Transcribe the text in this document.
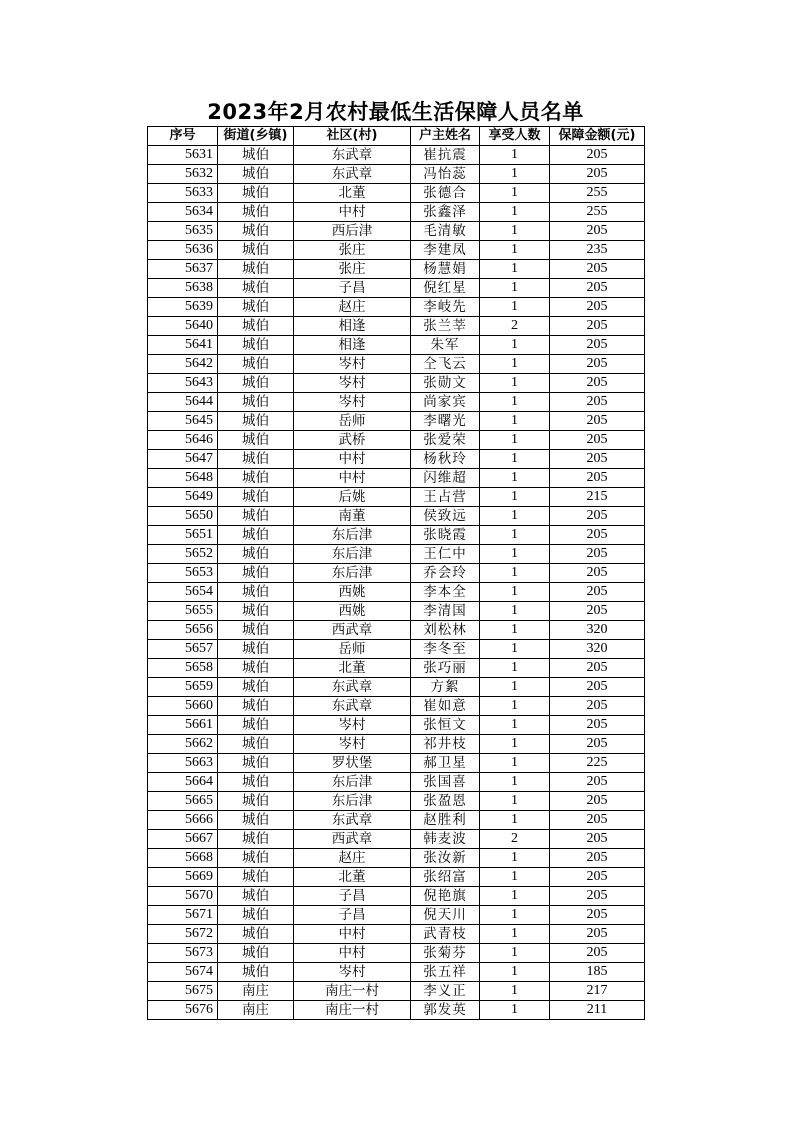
2023年2月农村最低生活保障人员名单
序号	街道(乡镇)	社区(村)	户主姓名	享受人数	保障金额(元)
5631	城伯	东武章	崔抗震	1	205
5632	城伯	东武章	冯怡蕊	1	205
5633	城伯	北董	张德合	1	255
5634	城伯	中村	张鑫泽	1	255
5635	城伯	西后津	毛清敏	1	205
5636	城伯	张庄	李建凤	1	235
5637	城伯	张庄	杨慧娟	1	205
5638	城伯	子昌	倪红星	1	205
5639	城伯	赵庄	李岐先	1	205
5640	城伯	相逢	张兰莘	2	205
5641	城伯	相逢	朱军	1	205
5642	城伯	岑村	仝飞云	1	205
5643	城伯	岑村	张勋文	1	205
5644	城伯	岑村	尚家宾	1	205
5645	城伯	岳师	李曙光	1	205
5646	城伯	武桥	张爱荣	1	205
5647	城伯	中村	杨秋玲	1	205
5648	城伯	中村	闪维超	1	205
5649	城伯	后姚	王占营	1	215
5650	城伯	南董	侯致远	1	205
5651	城伯	东后津	张晓霞	1	205
5652	城伯	东后津	王仁中	1	205
5653	城伯	东后津	乔会玲	1	205
5654	城伯	西姚	李本全	1	205
5655	城伯	西姚	李清国	1	205
5656	城伯	西武章	刘松林	1	320
5657	城伯	岳师	李冬至	1	320
5658	城伯	北董	张巧丽	1	205
5659	城伯	东武章	方絮	1	205
5660	城伯	东武章	崔如意	1	205
5661	城伯	岑村	张恒文	1	205
5662	城伯	岑村	祁井枝	1	205
5663	城伯	罗状堡	郝卫星	1	225
5664	城伯	东后津	张国喜	1	205
5665	城伯	东后津	张盈恩	1	205
5666	城伯	东武章	赵胜利	1	205
5667	城伯	西武章	韩麦波	2	205
5668	城伯	赵庄	张汝新	1	205
5669	城伯	北董	张绍富	1	205
5670	城伯	子昌	倪艳旗	1	205
5671	城伯	子昌	倪天川	1	205
5672	城伯	中村	武青枝	1	205
5673	城伯	中村	张菊芬	1	205
5674	城伯	岑村	张五祥	1	185
5675	南庄	南庄一村	李义正	1	217
5676	南庄	南庄一村	郭发英	1	211
